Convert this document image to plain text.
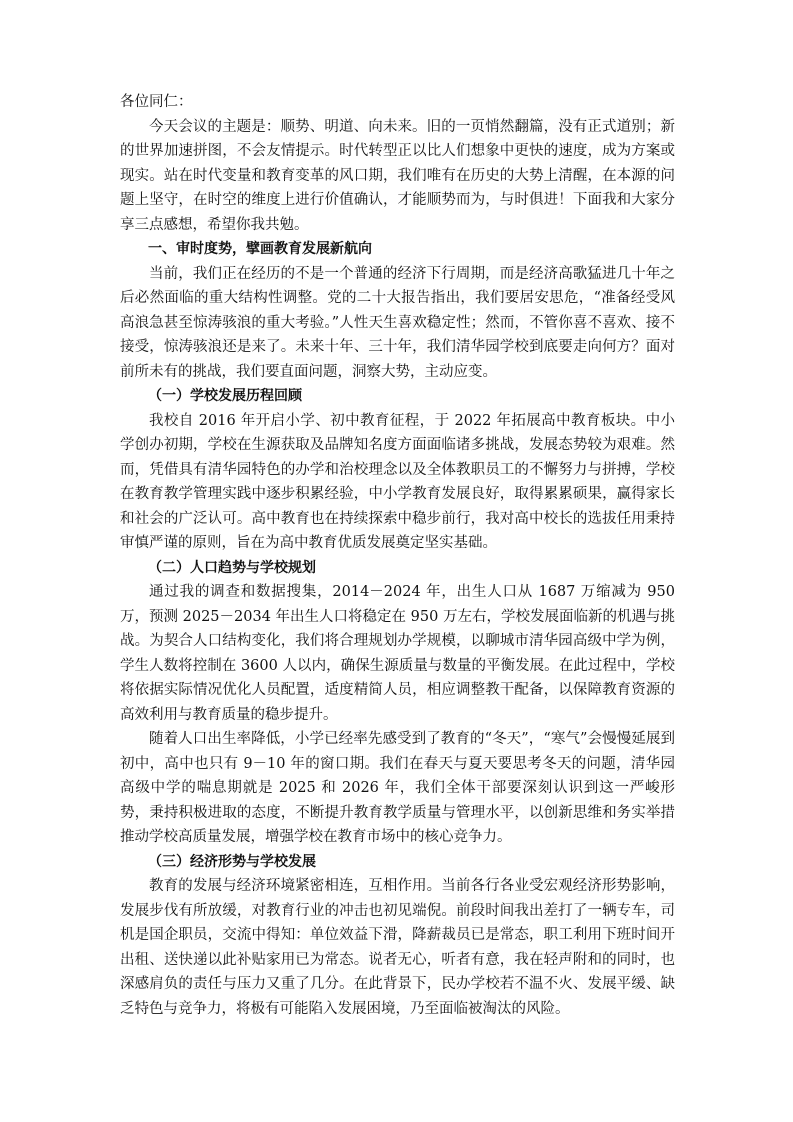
各位同仁：

今天会议的主题是：顺势、明道、向未来。旧的一页悄然翻篇，没有正式道别；新的世界加速拼图，不会友情提示。时代转型正以比人们想象中更快的速度，成为方案或现实。站在时代变量和教育变革的风口期，我们唯有在历史的大势上清醒，在本源的问题上坚守，在时空的维度上进行价值确认，才能顺势而为，与时俱进！下面我和大家分享三点感想，希望你我共勉。

一、审时度势，擘画教育发展新航向

当前，我们正在经历的不是一个普通的经济下行周期，而是经济高歌猛进几十年之后必然面临的重大结构性调整。党的二十大报告指出，我们要居安思危，“准备经受风高浪急甚至惊涛骇浪的重大考验。”人性天生喜欢稳定性；然而，不管你喜不喜欢、接不接受，惊涛骇浪还是来了。未来十年、三十年，我们清华园学校到底要走向何方？面对前所未有的挑战，我们要直面问题，洞察大势，主动应变。

（一）学校发展历程回顾

我校自 2016 年开启小学、初中教育征程，于 2022 年拓展高中教育板块。中小学创办初期，学校在生源获取及品牌知名度方面面临诸多挑战，发展态势较为艰难。然而，凭借具有清华园特色的办学和治校理念以及全体教职员工的不懈努力与拼搏，学校在教育教学管理实践中逐步积累经验，中小学教育发展良好，取得累累硕果，赢得家长和社会的广泛认可。高中教育也在持续探索中稳步前行，我对高中校长的选拔任用秉持审慎严谨的原则，旨在为高中教育优质发展奠定坚实基础。

（二）人口趋势与学校规划

通过我的调查和数据搜集，2014－2024 年，出生人口从 1687 万缩减为 950 万，预测 2025－2034 年出生人口将稳定在 950 万左右，学校发展面临新的机遇与挑战。为契合人口结构变化，我们将合理规划办学规模，以聊城市清华园高级中学为例，学生人数将控制在 3600 人以内，确保生源质量与数量的平衡发展。在此过程中，学校将依据实际情况优化人员配置，适度精简人员，相应调整教干配备，以保障教育资源的高效利用与教育质量的稳步提升。

随着人口出生率降低，小学已经率先感受到了教育的“冬天”，“寒气”会慢慢延展到初中，高中也只有 9－10 年的窗口期。我们在春天与夏天要思考冬天的问题，清华园高级中学的喘息期就是 2025 和 2026 年，我们全体干部要深刻认识到这一严峻形势，秉持积极进取的态度，不断提升教育教学质量与管理水平，以创新思维和务实举措推动学校高质量发展，增强学校在教育市场中的核心竞争力。

（三）经济形势与学校发展

教育的发展与经济环境紧密相连，互相作用。当前各行各业受宏观经济形势影响，发展步伐有所放缓，对教育行业的冲击也初见端倪。前段时间我出差打了一辆专车，司机是国企职员，交流中得知：单位效益下滑，降薪裁员已是常态，职工利用下班时间开出租、送快递以此补贴家用已为常态。说者无心，听者有意，我在轻声附和的同时，也深感肩负的责任与压力又重了几分。在此背景下，民办学校若不温不火、发展平缓、缺乏特色与竞争力，将极有可能陷入发展困境，乃至面临被淘汰的风险。
